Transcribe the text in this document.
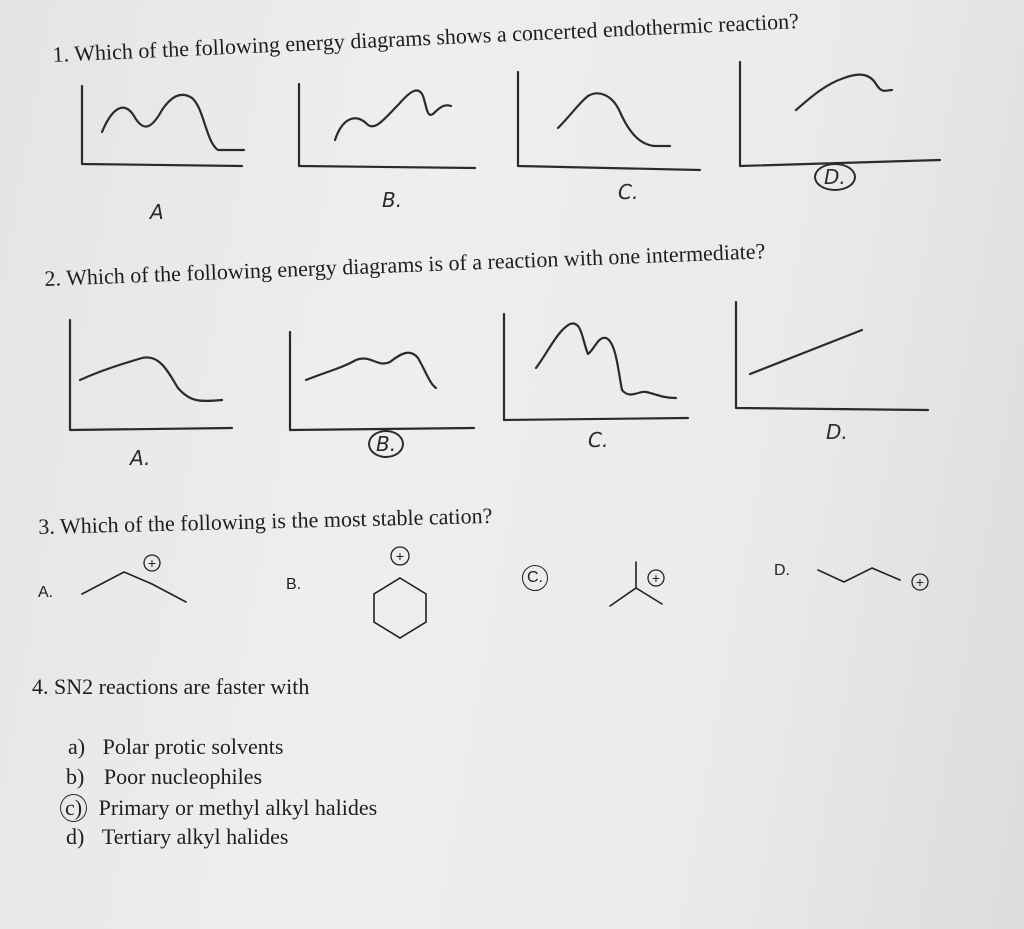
1. Which of the following energy diagrams shows a concerted endothermic reaction?
A	B.	C.
D.
2. Which of the following energy diagrams is of a reaction with one intermediate?
A.
B.	C.	D.
3. Which of the following is the most stable cation?
A.
+
B.
+
C.	+	D.
+
4. SN2 reactions are faster with
a) Polar protic solvents
b) Poor nucleophiles
c) Primary or methyl alkyl halides
d) Tertiary alkyl halides
